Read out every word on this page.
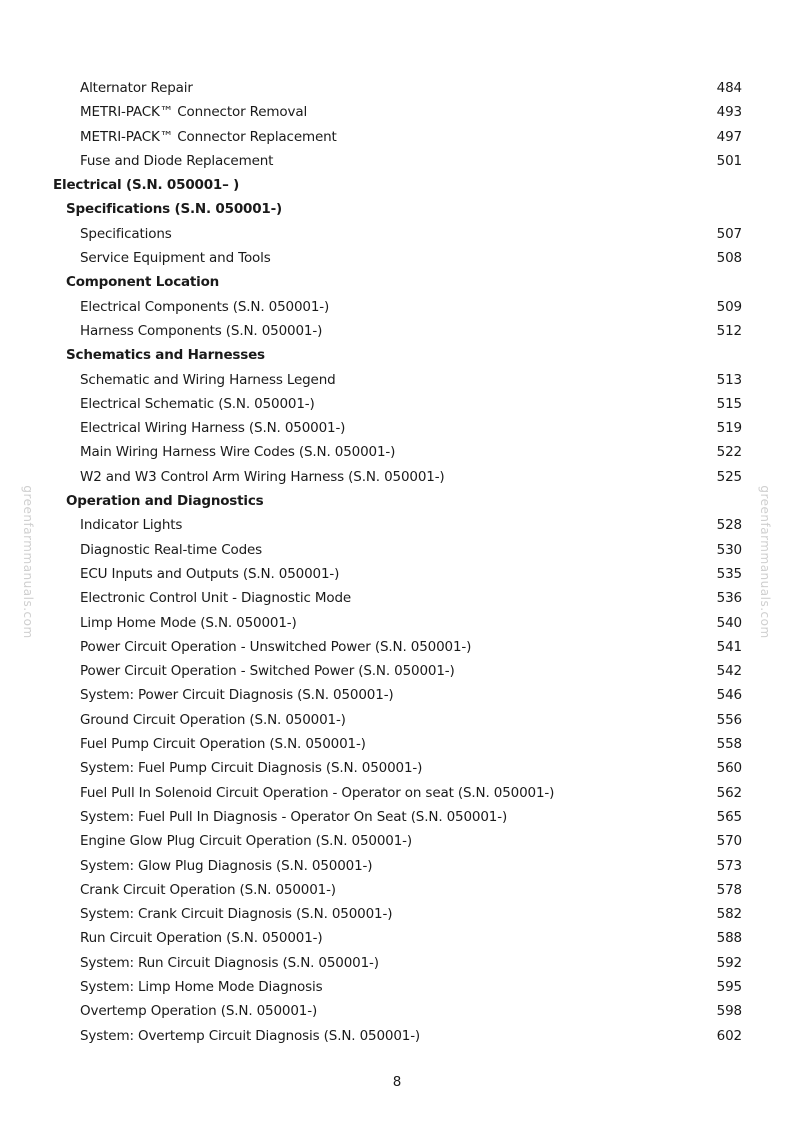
Alternator Repair	484
METRI-PACK™ Connector Removal	493
METRI-PACK™ Connector Replacement	497
Fuse and Diode Replacement	501
Electrical (S.N. 050001– )
Specifications (S.N. 050001-)
Specifications	507
Service Equipment and Tools	508
Component Location
Electrical Components (S.N. 050001-)	509
Harness Components (S.N. 050001-)	512
Schematics and Harnesses
Schematic and Wiring Harness Legend	513
Electrical Schematic (S.N. 050001-)	515
Electrical Wiring Harness (S.N. 050001-)	519
Main Wiring Harness Wire Codes (S.N. 050001-)	522
W2 and W3 Control Arm Wiring Harness (S.N. 050001-)	525
Operation and Diagnostics
Indicator Lights	528
Diagnostic Real-time Codes	530
ECU Inputs and Outputs (S.N. 050001-)	535
Electronic Control Unit - Diagnostic Mode	536
Limp Home Mode (S.N. 050001-)	540
Power Circuit Operation - Unswitched Power (S.N. 050001-)	541
Power Circuit Operation - Switched Power (S.N. 050001-)	542
System: Power Circuit Diagnosis (S.N. 050001-)	546
Ground Circuit Operation (S.N. 050001-)	556
Fuel Pump Circuit Operation (S.N. 050001-)	558
System: Fuel Pump Circuit Diagnosis (S.N. 050001-)	560
Fuel Pull In Solenoid Circuit Operation - Operator on seat (S.N. 050001-)	562
System: Fuel Pull In Diagnosis - Operator On Seat (S.N. 050001-)	565
Engine Glow Plug Circuit Operation (S.N. 050001-)	570
System: Glow Plug Diagnosis (S.N. 050001-)	573
Crank Circuit Operation (S.N. 050001-)	578
System: Crank Circuit Diagnosis (S.N. 050001-)	582
Run Circuit Operation (S.N. 050001-)	588
System: Run Circuit Diagnosis (S.N. 050001-)	592
System: Limp Home Mode Diagnosis	595
Overtemp Operation (S.N. 050001-)	598
System: Overtemp Circuit Diagnosis (S.N. 050001-)	602
greenfarmmanuals.com	greenfarmmanuals.com
8
